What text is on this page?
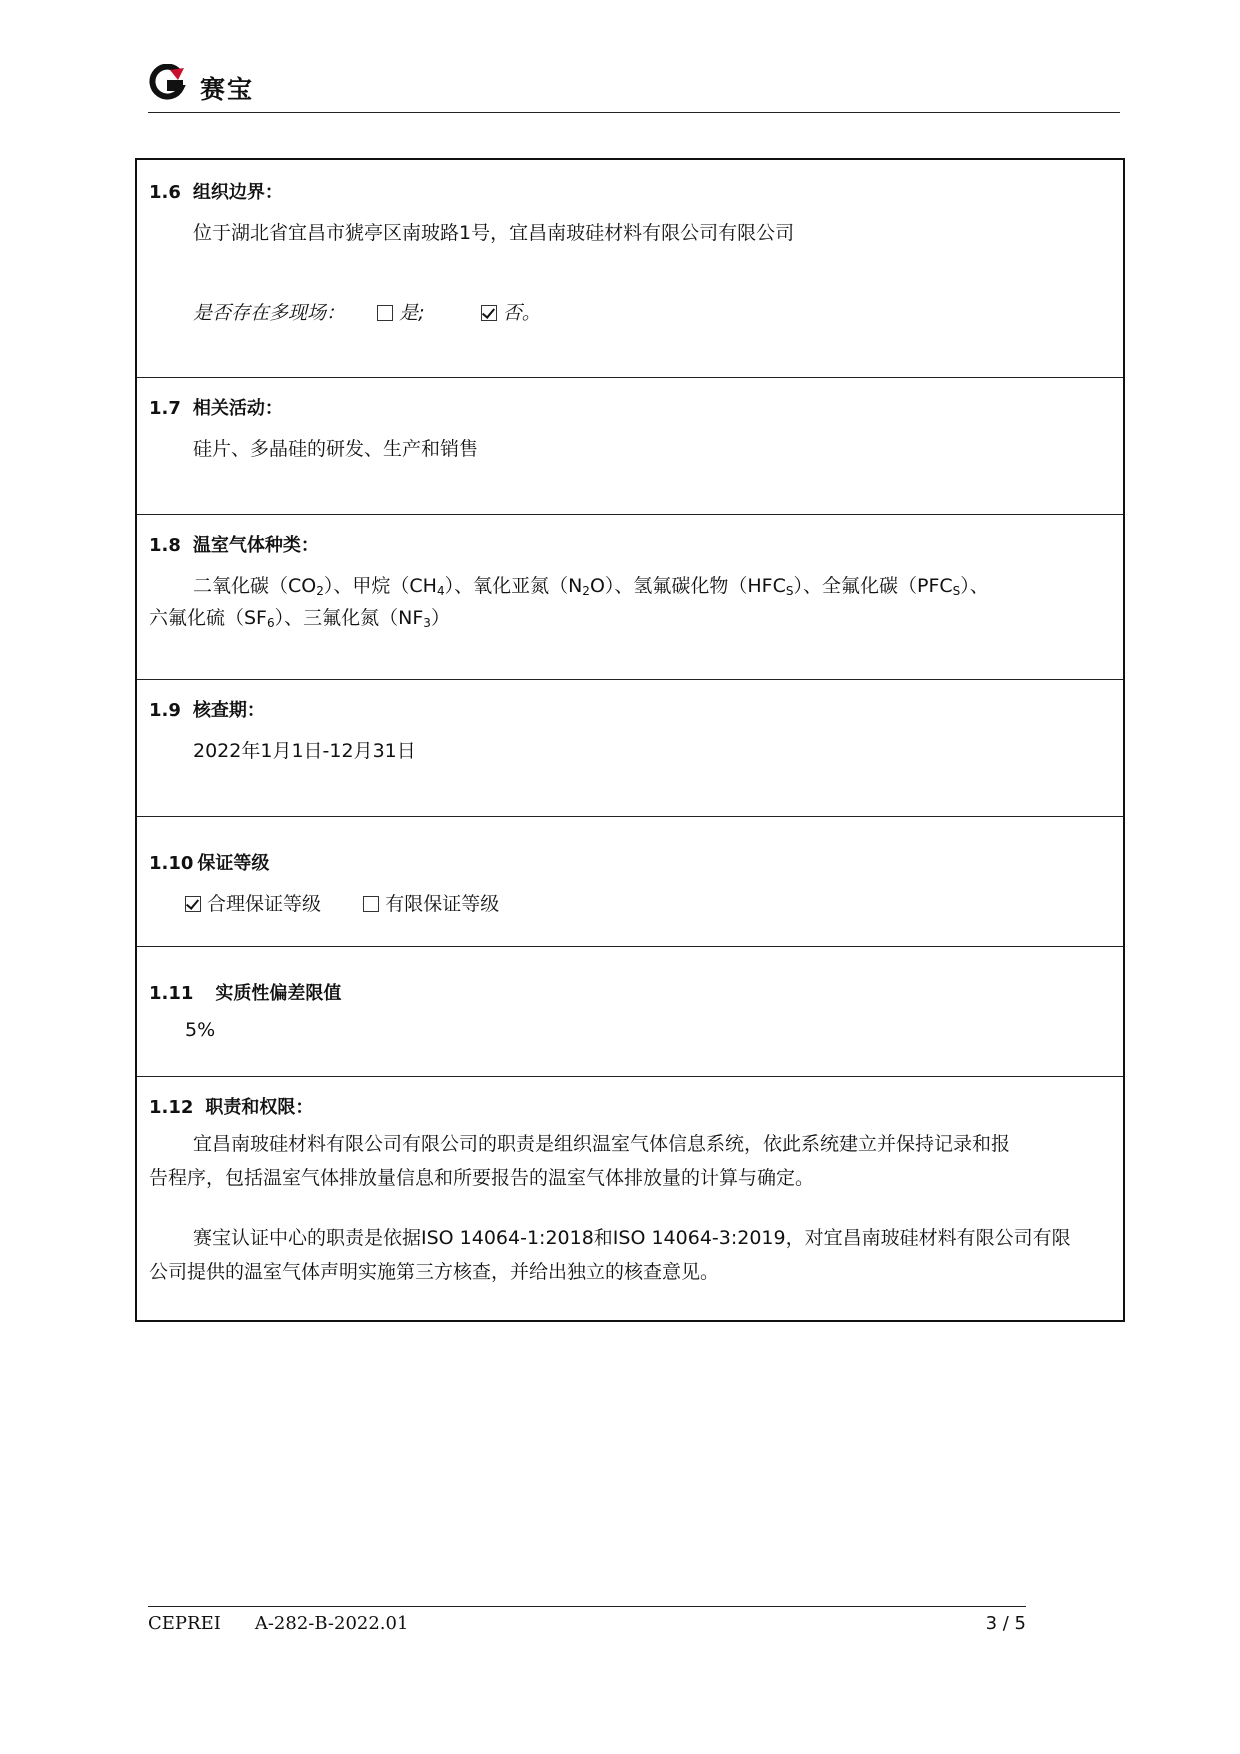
赛宝
1.6 组织边界：
位于湖北省宜昌市猇亭区南玻路1号，宜昌南玻硅材料有限公司有限公司
是否存在多现场：	是;	否。
1.7 相关活动：
硅片、多晶硅的研发、生产和销售
1.8 温室气体种类：
二氧化碳$(CO_2)$、甲烷$(CH_4)$、氧化亚氮$(N_2O)$、氢氟碳化物$(HFC_S)$、全氟化碳$(PFC_S)$、
六氟化硫$(SF_6)$、三氟化氮$(NF_3)$
1.9 核查期：
2022年1月1日-12月31日
1.10 保证等级
合理保证等级	有限保证等级
1.11 实质性偏差限值
5%
1.12 职责和权限：
宜昌南玻硅材料有限公司有限公司的职责是组织温室气体信息系统，依此系统建立并保持记录和报
告程序，包括温室气体排放量信息和所要报告的温室气体排放量的计算与确定。
赛宝认证中心的职责是依据ISO 14064-1:2018和ISO 14064-3:2019，对宜昌南玻硅材料有限公司有限
公司提供的温室气体声明实施第三方核查，并给出独立的核查意见。
CEPREI A-282-B-2022.01	3 / 5
